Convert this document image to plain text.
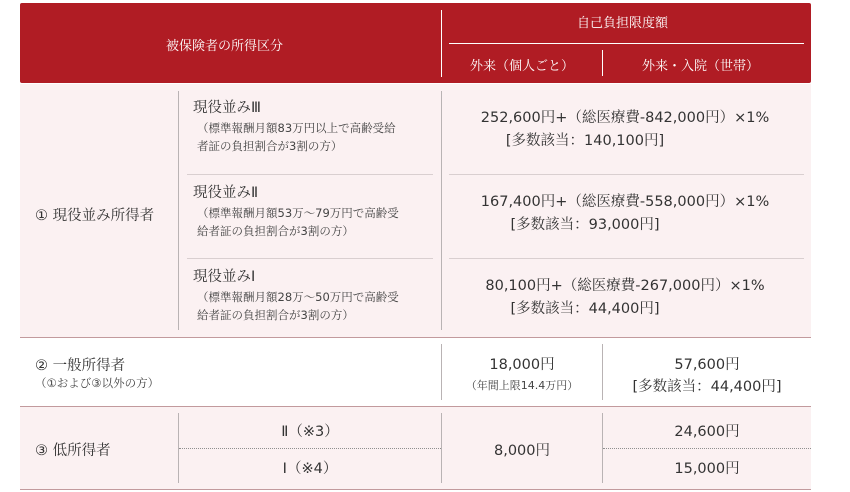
被保険者の所得区分
自己負担限度額
外来（個人ごと）	外来・入院（世帯）
① 現役並み所得者
現役並みⅢ
（標準報酬月額83万円以上で高齢受給
者証の負担割合が3割の方）
252,600円+（総医療費-842,000円）×1%
[多数該当：140,100円]
現役並みⅡ
（標準報酬月額53万～79万円で高齢受
給者証の負担割合が3割の方）
167,400円+（総医療費-558,000円）×1%
[多数該当：93,000円]
現役並みⅠ
（標準報酬月額28万～50万円で高齢受
給者証の負担割合が3割の方）
80,100円+（総医療費-267,000円）×1%
[多数該当：44,400円]
② 一般所得者
（①および③以外の方）
18,000円
（年間上限14.4万円）
57,600円
[多数該当：44,400円]
③ 低所得者
Ⅱ（※3）
Ⅰ（※4）
8,000円
24,600円
15,000円
